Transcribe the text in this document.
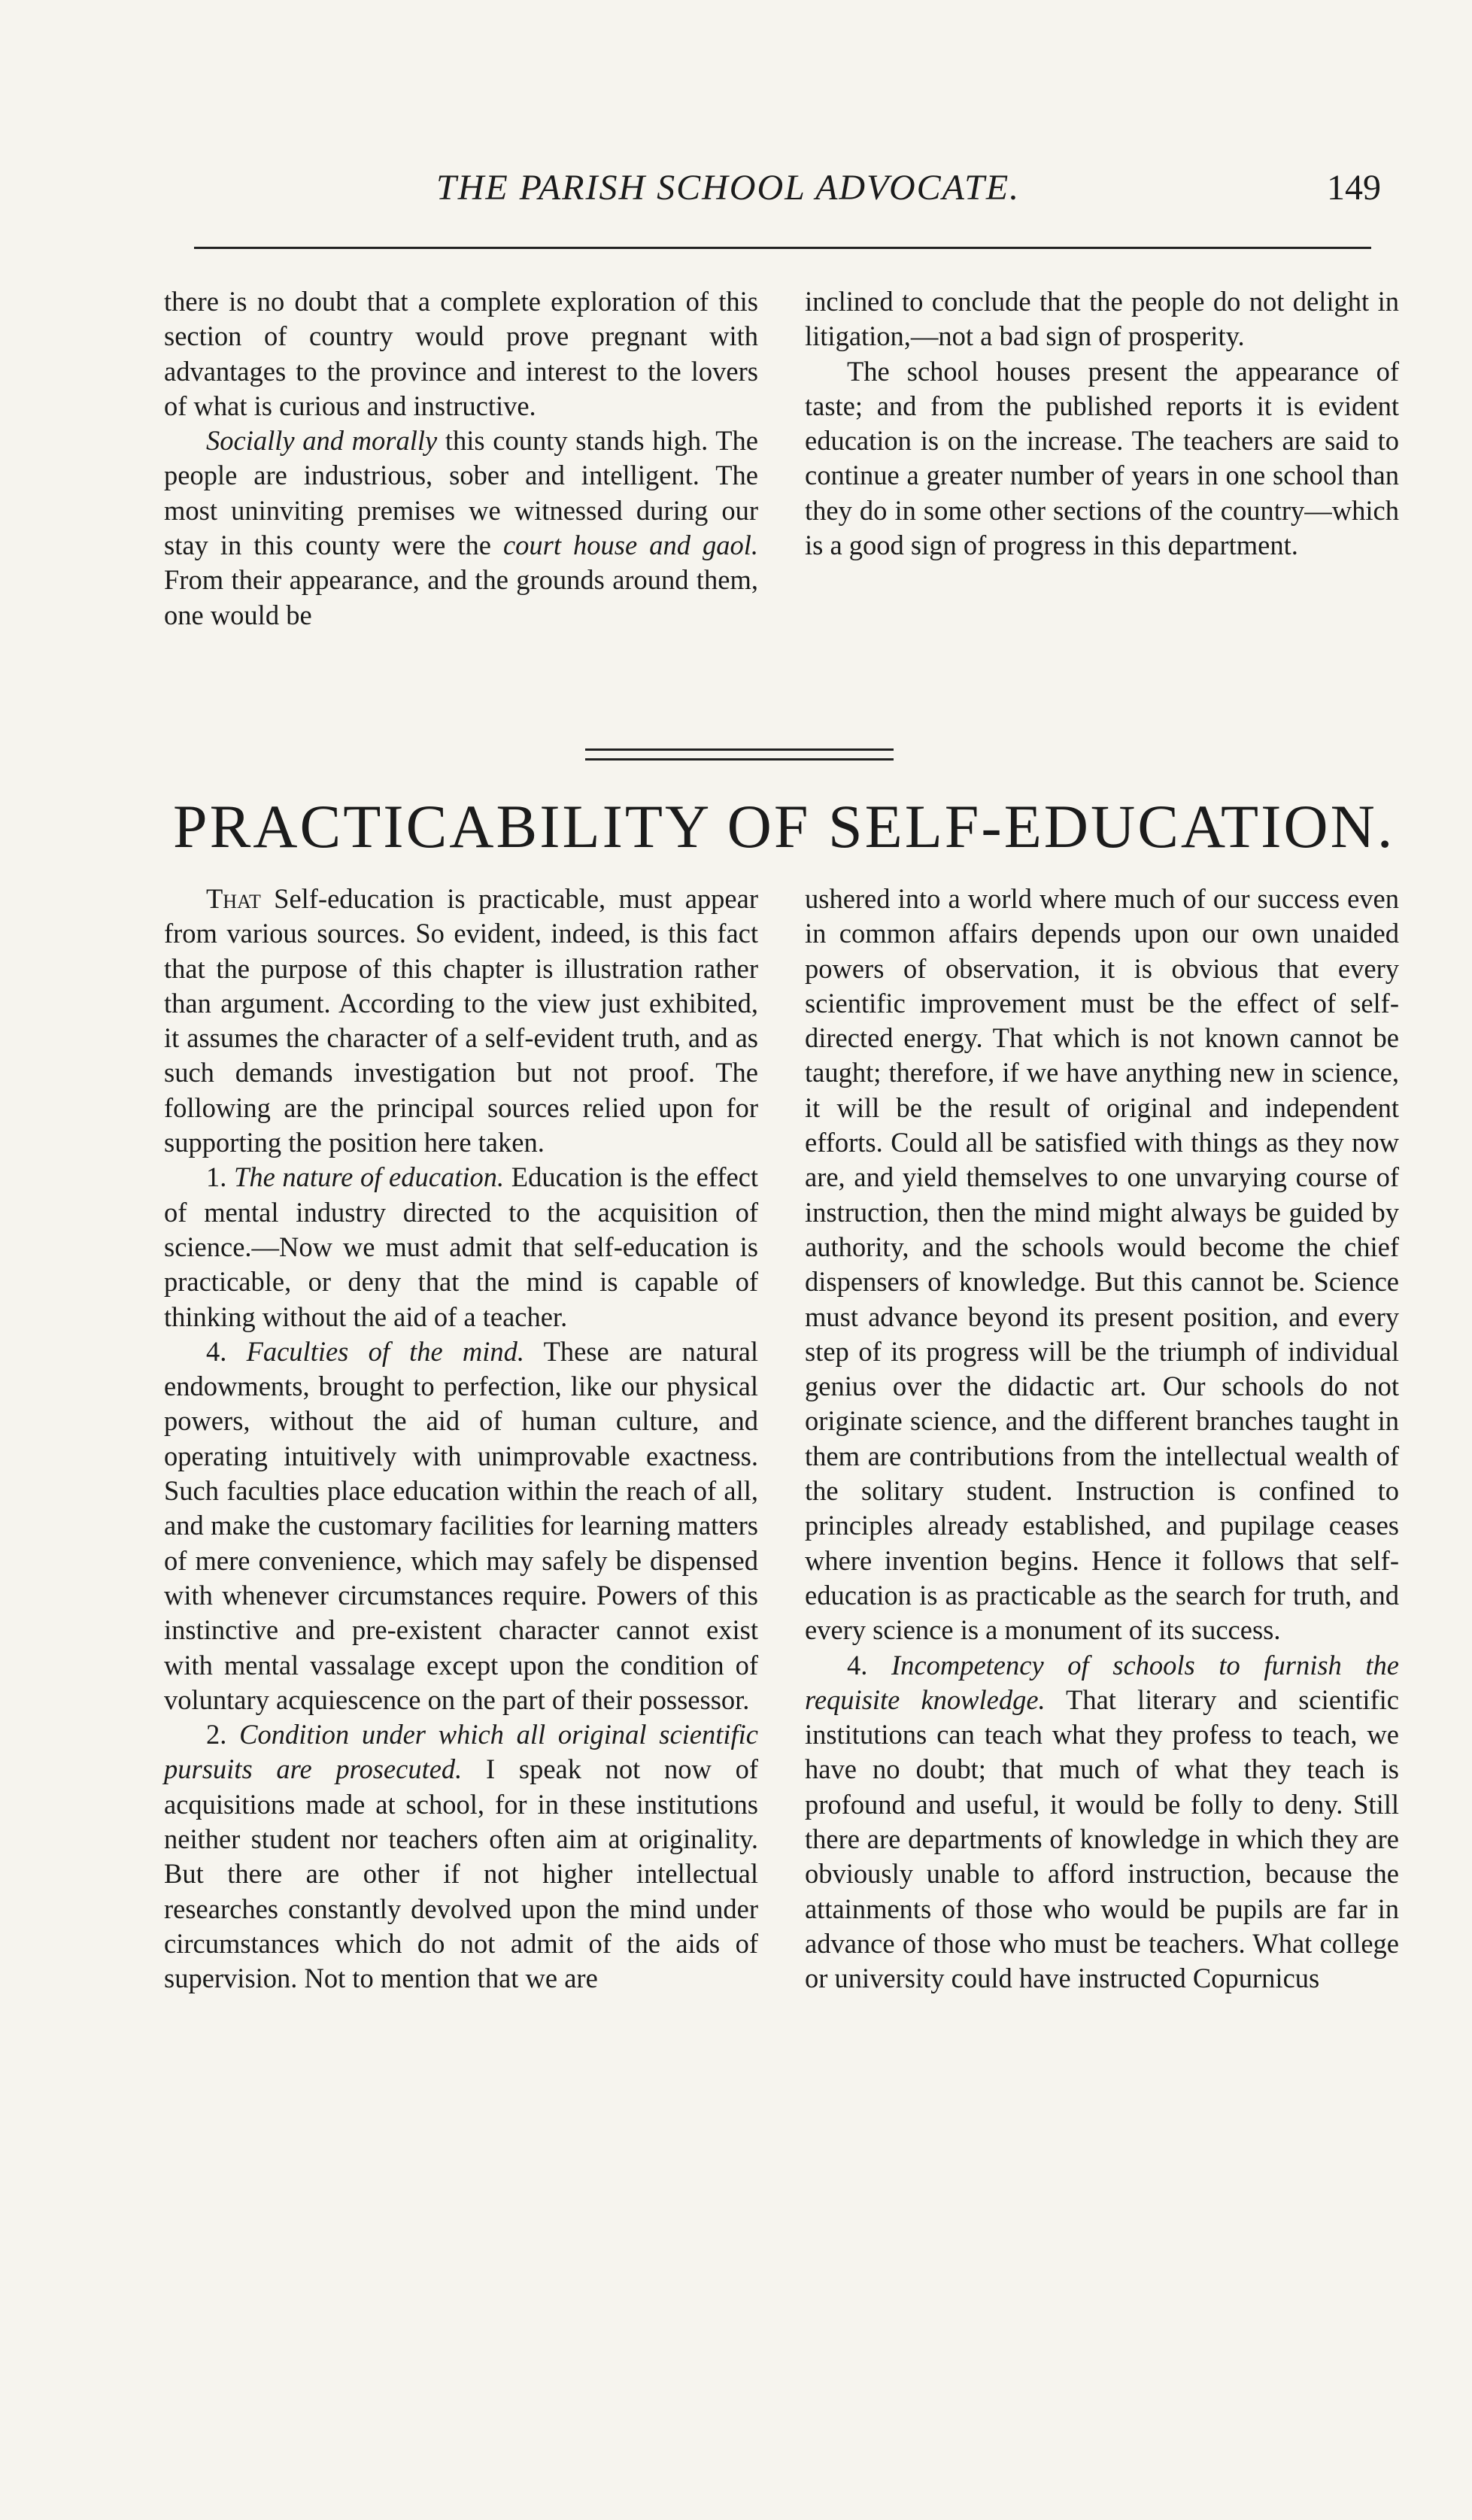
THE PARISH SCHOOL ADVOCATE.	149

there is no doubt that a complete exploration of this section of country would prove pregnant with advantages to the province and interest to the lovers of what is curious and instructive.

Socially and morally this county stands high. The people are industrious, sober and intelligent. The most uninviting premises we witnessed during our stay in this county were the court house and gaol. From their appearance, and the grounds around them, one would be

inclined to conclude that the people do not delight in litigation,—not a bad sign of prosperity.

The school houses present the appearance of taste; and from the published reports it is evident education is on the increase. The teachers are said to continue a greater number of years in one school than they do in some other sections of the country—which is a good sign of progress in this department.

PRACTICABILITY OF SELF-EDUCATION.

That Self-education is practicable, must appear from various sources. So evident, indeed, is this fact that the purpose of this chapter is illustration rather than argument. According to the view just exhibited, it assumes the character of a self-evident truth, and as such demands investigation but not proof. The following are the principal sources relied upon for supporting the position here taken.

1. The nature of education. Education is the effect of mental industry directed to the acquisition of science.—Now we must admit that self-education is practicable, or deny that the mind is capable of thinking without the aid of a teacher.

4. Faculties of the mind. These are natural endowments, brought to perfection, like our physical powers, without the aid of human culture, and operating intuitively with unimprovable exactness. Such faculties place education within the reach of all, and make the customary facilities for learning matters of mere convenience, which may safely be dispensed with whenever circumstances require. Powers of this instinctive and pre-existent character cannot exist with mental vassalage except upon the condition of voluntary acquiescence on the part of their possessor.

2. Condition under which all original scientific pursuits are prosecuted. I speak not now of acquisitions made at school, for in these institutions neither student nor teachers often aim at originality. But there are other if not higher intellectual researches constantly devolved upon the mind under circumstances which do not admit of the aids of supervision. Not to mention that we are

ushered into a world where much of our success even in common affairs depends upon our own unaided powers of observation, it is obvious that every scientific improvement must be the effect of self-directed energy. That which is not known cannot be taught; therefore, if we have anything new in science, it will be the result of original and independent efforts. Could all be satisfied with things as they now are, and yield themselves to one unvarying course of instruction, then the mind might always be guided by authority, and the schools would become the chief dispensers of knowledge. But this cannot be. Science must advance beyond its present position, and every step of its progress will be the triumph of individual genius over the didactic art. Our schools do not originate science, and the different branches taught in them are contributions from the intellectual wealth of the solitary student. Instruction is confined to principles already established, and pupilage ceases where invention begins. Hence it follows that self-education is as practicable as the search for truth, and every science is a monument of its success.

4. Incompetency of schools to furnish the requisite knowledge. That literary and scientific institutions can teach what they profess to teach, we have no doubt; that much of what they teach is profound and useful, it would be folly to deny. Still there are departments of knowledge in which they are obviously unable to afford instruction, because the attainments of those who would be pupils are far in advance of those who must be teachers. What college or university could have instructed Copurnicus
